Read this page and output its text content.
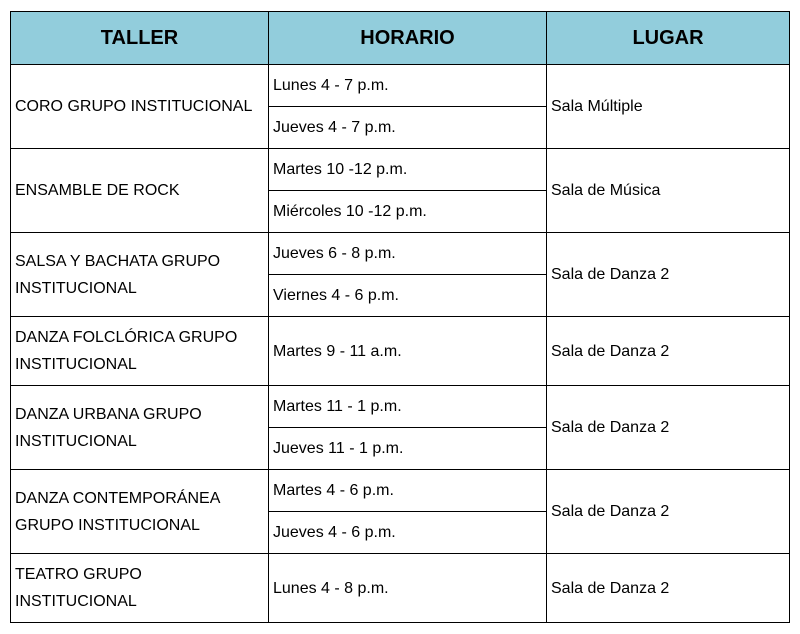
TALLER	HORARIO	LUGAR
CORO GRUPO INSTITUCIONAL	Lunes 4 - 7 p.m.	Sala Múltiple
	Jueves 4 - 7 p.m.	
ENSAMBLE DE ROCK	Martes 10 -12 p.m.	Sala de Música
	Miércoles 10 -12 p.m.	
SALSA Y BACHATA GRUPO INSTITUCIONAL	Jueves 6 - 8 p.m.	Sala de Danza 2
	Viernes 4 - 6 p.m.	
DANZA FOLCLÓRICA GRUPO INSTITUCIONAL	Martes 9 - 11 a.m.	Sala de Danza 2
DANZA URBANA GRUPO INSTITUCIONAL	Martes 11 - 1 p.m.	Sala de Danza 2
	Jueves 11 - 1 p.m.	
DANZA CONTEMPORÁNEA GRUPO INSTITUCIONAL	Martes 4 - 6 p.m.	Sala de Danza 2
	Jueves 4 - 6 p.m.	
TEATRO GRUPO INSTITUCIONAL	Lunes 4 - 8 p.m.	Sala de Danza 2
